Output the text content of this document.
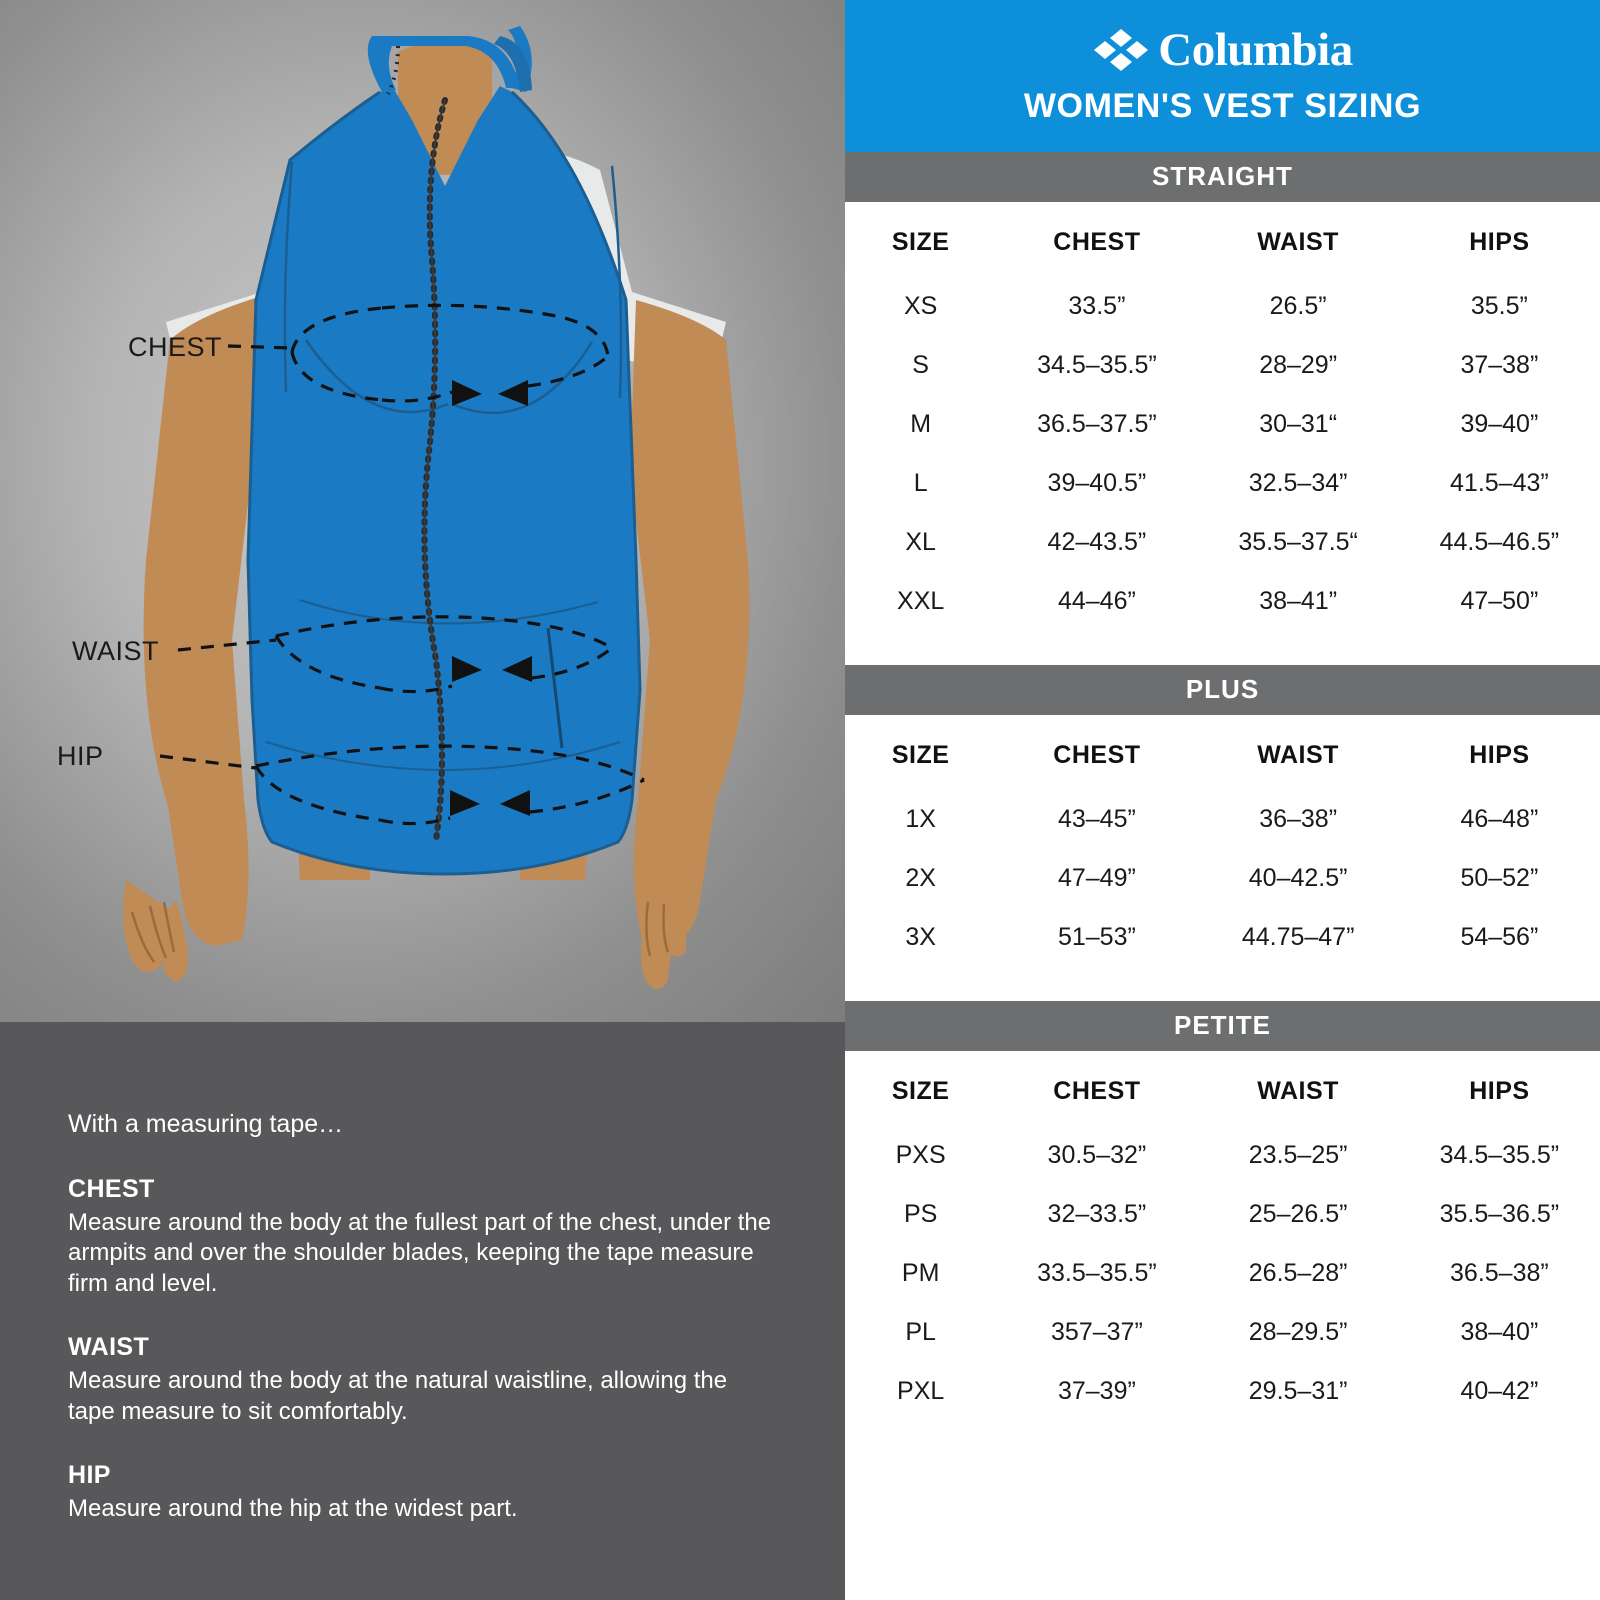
CHEST
WAIST
HIP
With a measuring tape…
CHEST

Measure around the body at the fullest part of the chest, under the armpits and over the shoulder blades, keeping the tape measure firm and level.

WAIST

Measure around the body at the natural waistline, allowing the tape measure to sit comfortably.

HIP

Measure around the hip at the widest part.

Columbia
WOMEN'S VEST SIZING
STRAIGHT
SIZE	CHEST	WAIST	HIPS
XS	33.5”	26.5”	35.5”
S	34.5–35.5”	28–29”	37–38”
M	36.5–37.5”	30–31“	39–40”
L	39–40.5”	32.5–34”	41.5–43”
XL	42–43.5”	35.5–37.5“	44.5–46.5”
XXL	44–46”	38–41”	47–50”
PLUS
SIZE	CHEST	WAIST	HIPS
1X	43–45”	36–38”	46–48”
2X	47–49”	40–42.5”	50–52”
3X	51–53”	44.75–47”	54–56”
PETITE
SIZE	CHEST	WAIST	HIPS
PXS	30.5–32”	23.5–25”	34.5–35.5”
PS	32–33.5”	25–26.5”	35.5–36.5”
PM	33.5–35.5”	26.5–28”	36.5–38”
PL	357–37”	28–29.5”	38–40”
PXL	37–39”	29.5–31”	40–42”
